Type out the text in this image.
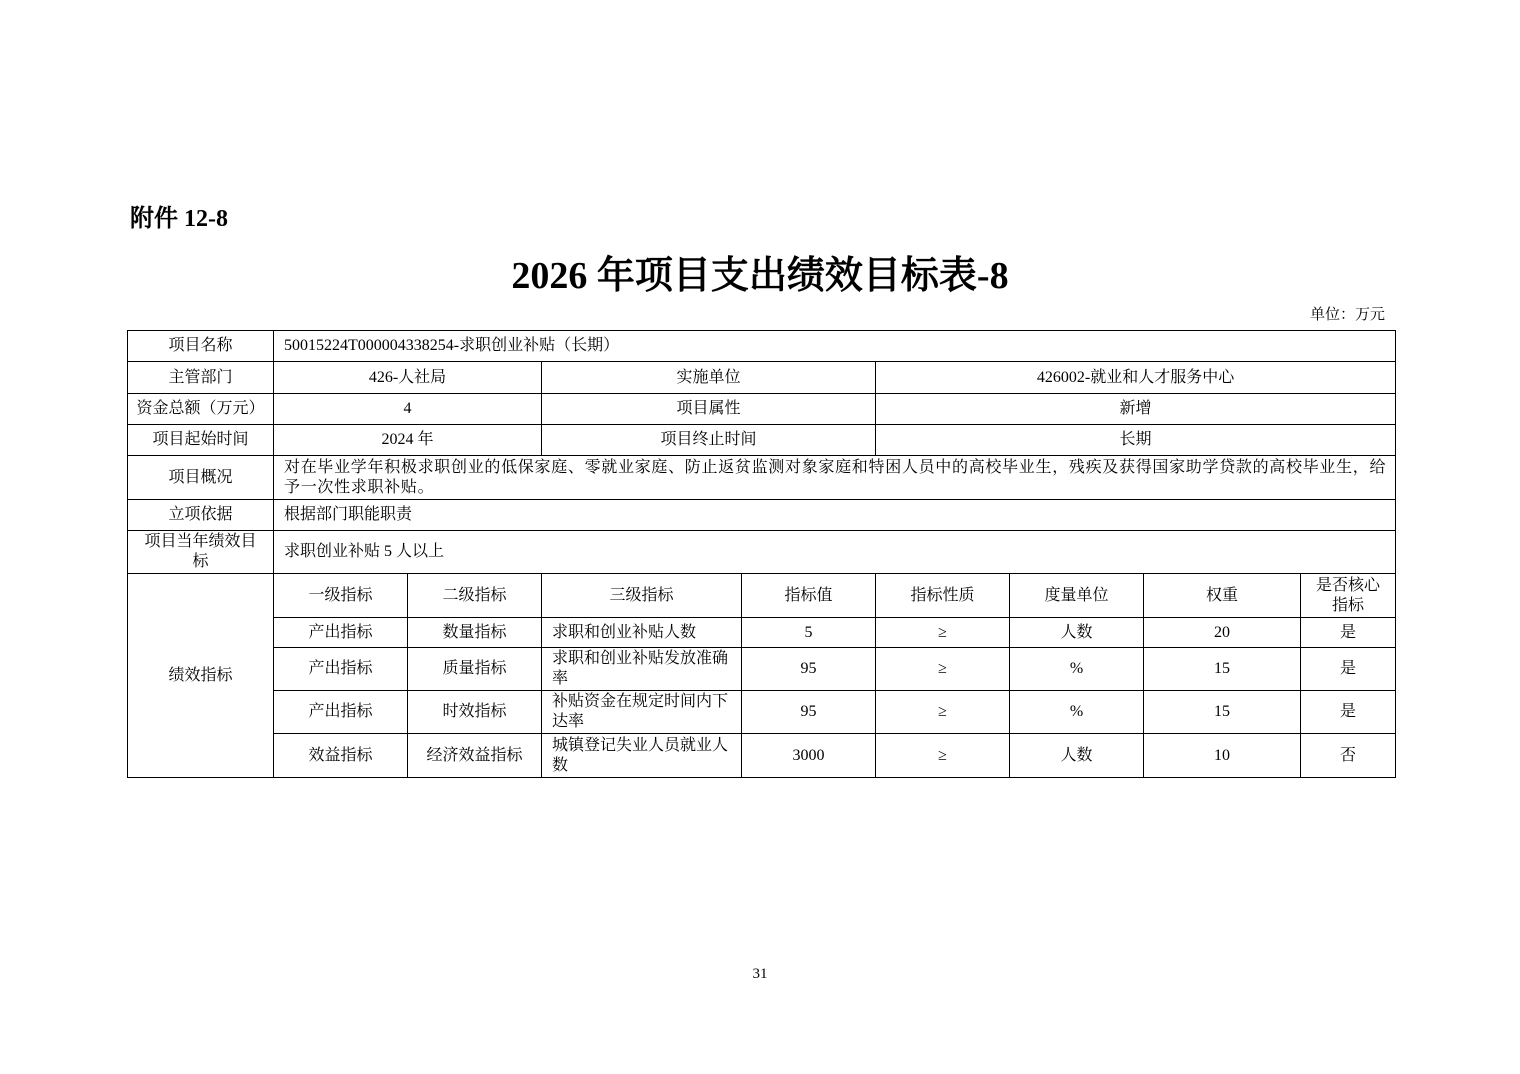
附件 12-8
2026 年项目支出绩效目标表-8
单位：万元
项目名称	50015224T000004338254-求职创业补贴（长期）							
主管部门	426-人社局		实施单位		426002-就业和人才服务中心			
资金总额（万元）	4		项目属性		新增			
项目起始时间	2024 年		项目终止时间		长期			
项目概况	对在毕业学年积极求职创业的低保家庭、零就业家庭、防止返贫监测对象家庭和特困人员中的高校毕业生，残疾及获得国家助学贷款的高校毕业生，给予一次性求职补贴。							
立项依据	根据部门职能职责							
项目当年绩效目标	求职创业补贴 5 人以上							
绩效指标	一级指标	二级指标	三级指标	指标值	指标性质	度量单位	权重	是否核心指标
	产出指标	数量指标	求职和创业补贴人数	5	≥	人数	20	是
	产出指标	质量指标	求职和创业补贴发放准确率	95	≥	%	15	是
	产出指标	时效指标	补贴资金在规定时间内下达率	95	≥	%	15	是
	效益指标	经济效益指标	城镇登记失业人员就业人数	3000	≥	人数	10	否
31
